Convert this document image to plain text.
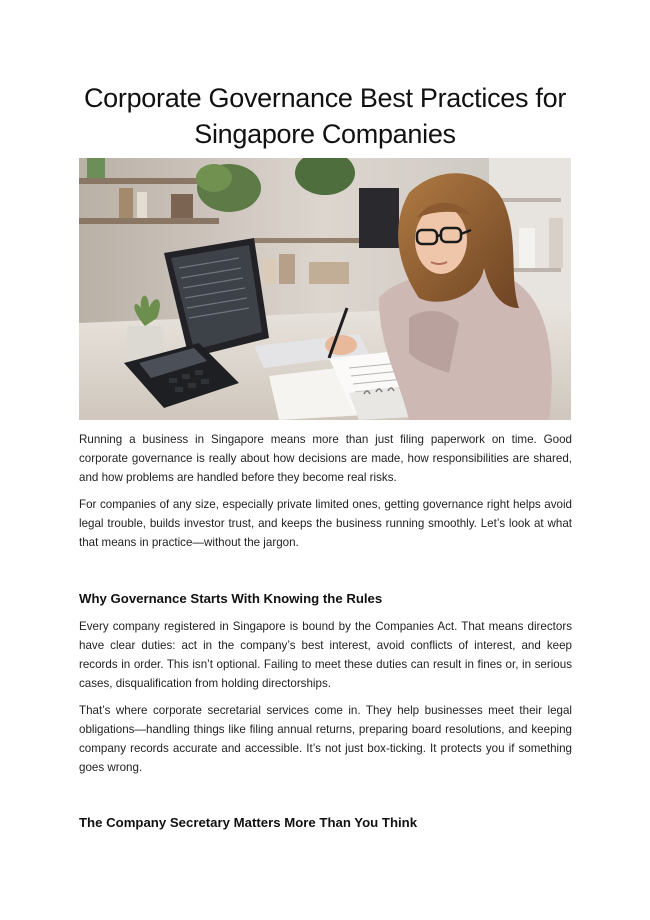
Corporate Governance Best Practices for Singapore Companies

Running a business in Singapore means more than just filing paperwork on time. Good corporate governance is really about how decisions are made, how responsibilities are shared, and how problems are handled before they become real risks.

For companies of any size, especially private limited ones, getting governance right helps avoid legal trouble, builds investor trust, and keeps the business running smoothly. Let’s look at what that means in practice—without the jargon.

Why Governance Starts With Knowing the Rules

Every company registered in Singapore is bound by the Companies Act. That means directors have clear duties: act in the company’s best interest, avoid conflicts of interest, and keep records in order. This isn’t optional. Failing to meet these duties can result in fines or, in serious cases, disqualification from holding directorships.

That’s where corporate secretarial services come in. They help businesses meet their legal obligations—handling things like filing annual returns, preparing board resolutions, and keeping company records accurate and accessible. It’s not just box-ticking. It protects you if something goes wrong.

The Company Secretary Matters More Than You Think
